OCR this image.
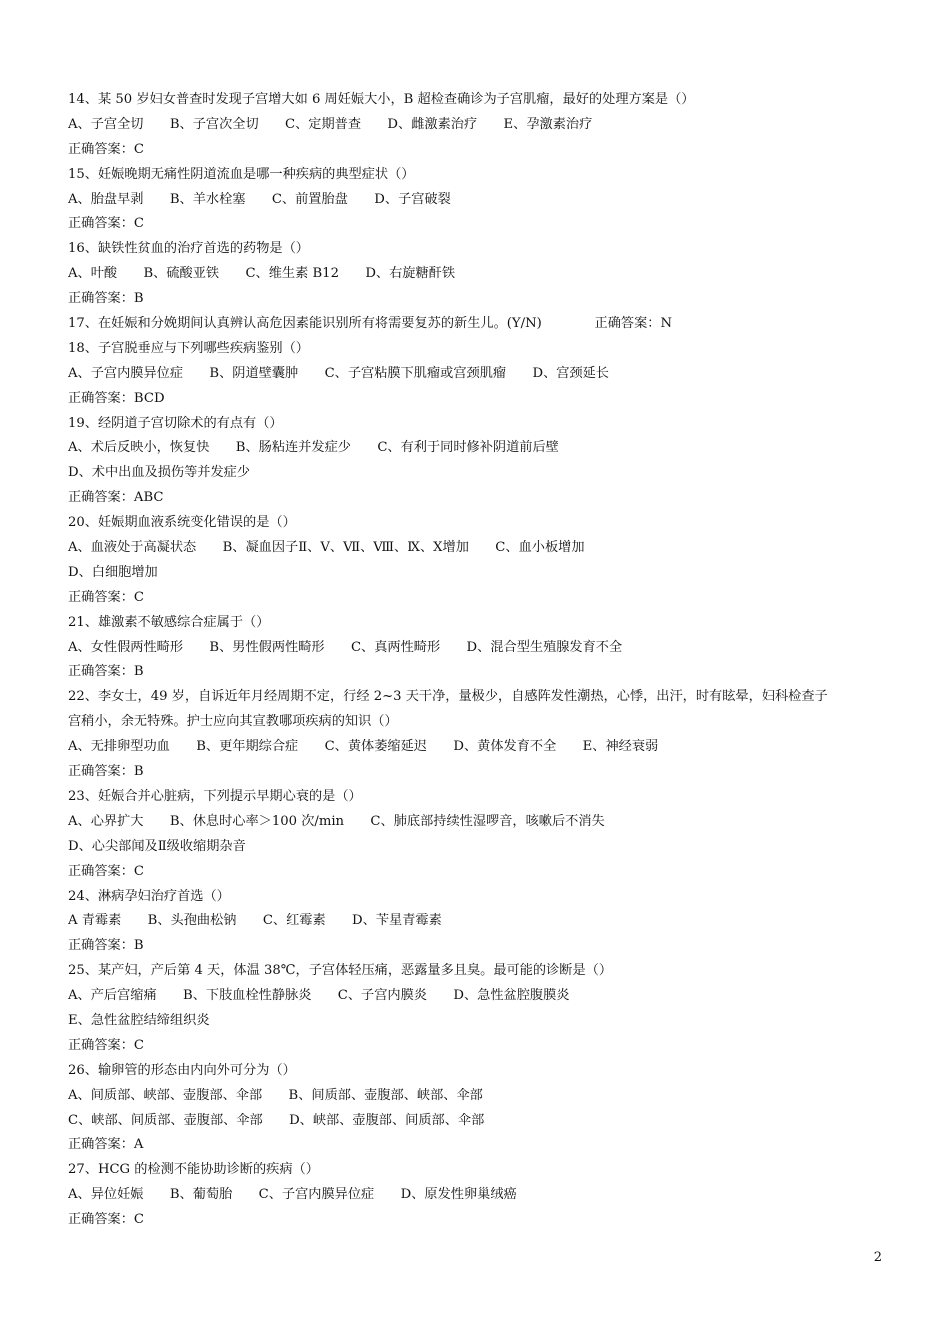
14、某 50 岁妇女普查时发现子宫增大如 6 周妊娠大小，B 超检查确诊为子宫肌瘤，最好的处理方案是（）
A、子宫全切　　B、子宫次全切　　C、定期普查　　D、雌激素治疗　　E、孕激素治疗
正确答案：C
15、妊娠晚期无痛性阴道流血是哪一种疾病的典型症状（）
A、胎盘早剥　　B、羊水栓塞　　C、前置胎盘　　D、子宫破裂
正确答案：C
16、缺铁性贫血的治疗首选的药物是（）
A、叶酸　　B、硫酸亚铁　　C、维生素 B12　　D、右旋糖酐铁
正确答案：B
17、在妊娠和分娩期间认真辨认高危因素能识别所有将需要复苏的新生儿。(Y/N)　　　　正确答案：N
18、子宫脱垂应与下列哪些疾病鉴别（）
A、子宫内膜异位症　　B、阴道壁囊肿　　C、子宫粘膜下肌瘤或宫颈肌瘤　　D、宫颈延长
正确答案：BCD
19、经阴道子宫切除术的有点有（）
A、术后反映小，恢复快　　B、肠粘连并发症少　　C、有利于同时修补阴道前后壁
D、术中出血及损伤等并发症少
正确答案：ABC
20、妊娠期血液系统变化错误的是（）
A、血液处于高凝状态　　B、凝血因子Ⅱ、Ⅴ、Ⅶ、Ⅷ、Ⅸ、Ⅹ增加　　C、血小板增加
D、白细胞增加
正确答案：C
21、雄激素不敏感综合症属于（）
A、女性假两性畸形　　B、男性假两性畸形　　C、真两性畸形　　D、混合型生殖腺发育不全
正确答案：B
22、李女士，49 岁，自诉近年月经周期不定，行经 2~3 天干净，量极少，自感阵发性潮热，心悸，出汗，时有眩晕，妇科检查子
宫稍小，余无特殊。护士应向其宣教哪项疾病的知识（）
A、无排卵型功血　　B、更年期综合症　　C、黄体萎缩延迟　　D、黄体发育不全　　E、神经衰弱
正确答案：B
23、妊娠合并心脏病，下列提示早期心衰的是（）
A、心界扩大　　B、休息时心率＞100 次/min　　C、肺底部持续性湿啰音，咳嗽后不消失
D、心尖部闻及Ⅱ级收缩期杂音
正确答案：C
24、淋病孕妇治疗首选（）
A 青霉素　　B、头孢曲松钠　　C、红霉素　　D、苄星青霉素
正确答案：B
25、某产妇，产后第 4 天，体温 38℃，子宫体轻压痛，恶露量多且臭。最可能的诊断是（）
A、产后宫缩痛　　B、下肢血栓性静脉炎　　C、子宫内膜炎　　D、急性盆腔腹膜炎
E、急性盆腔结缔组织炎
正确答案：C
26、输卵管的形态由内向外可分为（）
A、间质部、峡部、壶腹部、伞部　　B、间质部、壶腹部、峡部、伞部
C、峡部、间质部、壶腹部、伞部　　D、峡部、壶腹部、间质部、伞部
正确答案：A
27、HCG 的检测不能协助诊断的疾病（）
A、异位妊娠　　B、葡萄胎　　C、子宫内膜异位症　　D、原发性卵巢绒癌
正确答案：C
2
